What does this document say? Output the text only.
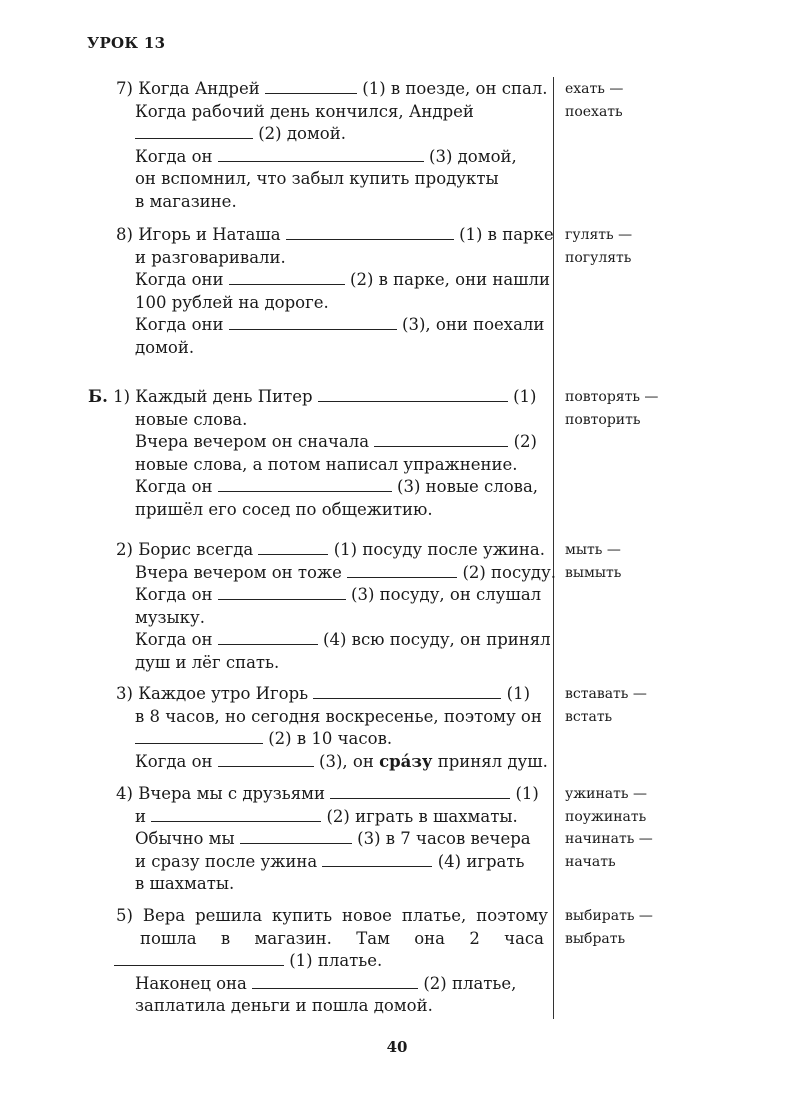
УРОК 13
7) Когда Андрей	(1) в поезде, он спал.
Когда рабочий день кончился, Андрей
(2) домой.
Когда он	(3) домой,
он вспомнил, что забыл купить продукты
в магазине.
ехать —
поехать
8) Игорь и Наташа	(1) в парке
и разговаривали.
Когда они	(2) в парке, они нашли
100 рублей на дороге.
Когда они	(3), они поехали
домой.
гулять —
погулять
Б. 1) Каждый день Питер	(1)
новые слова.
Вчера вечером он сначала	(2)
новые слова, а потом написал упражнение.
Когда он	(3) новые слова,
пришёл его сосед по общежитию.
повторять —
повторить
2) Борис всегда	(1) посуду после ужина.
Вчера вечером он тоже	(2) посуду.
Когда он	(3) посуду, он слушал
музыку.
Когда он	(4) всю посуду, он принял
душ и лёг спать.
мыть —
вымыть
3) Каждое утро Игорь	(1)
в 8 часов, но сегодня воскресенье, поэтому он
(2) в 10 часов.
Когда он	(3), он сра́зу принял душ.
вставать —
встать
4) Вчера мы с друзьями	(1)
и	(2) играть в шахматы.
Обычно мы	(3) в 7 часов вечера
и сразу после ужина	(4) играть
в шахматы.
ужинать —
поужинать
начинать —
начать
5) Вера решила купить новое платье, поэтому
пошла в магазин. Там она 2 часа
(1) платье.
Наконец она	(2) платье,
заплатила деньги и пошла домой.
выбирать —
выбрать
40
